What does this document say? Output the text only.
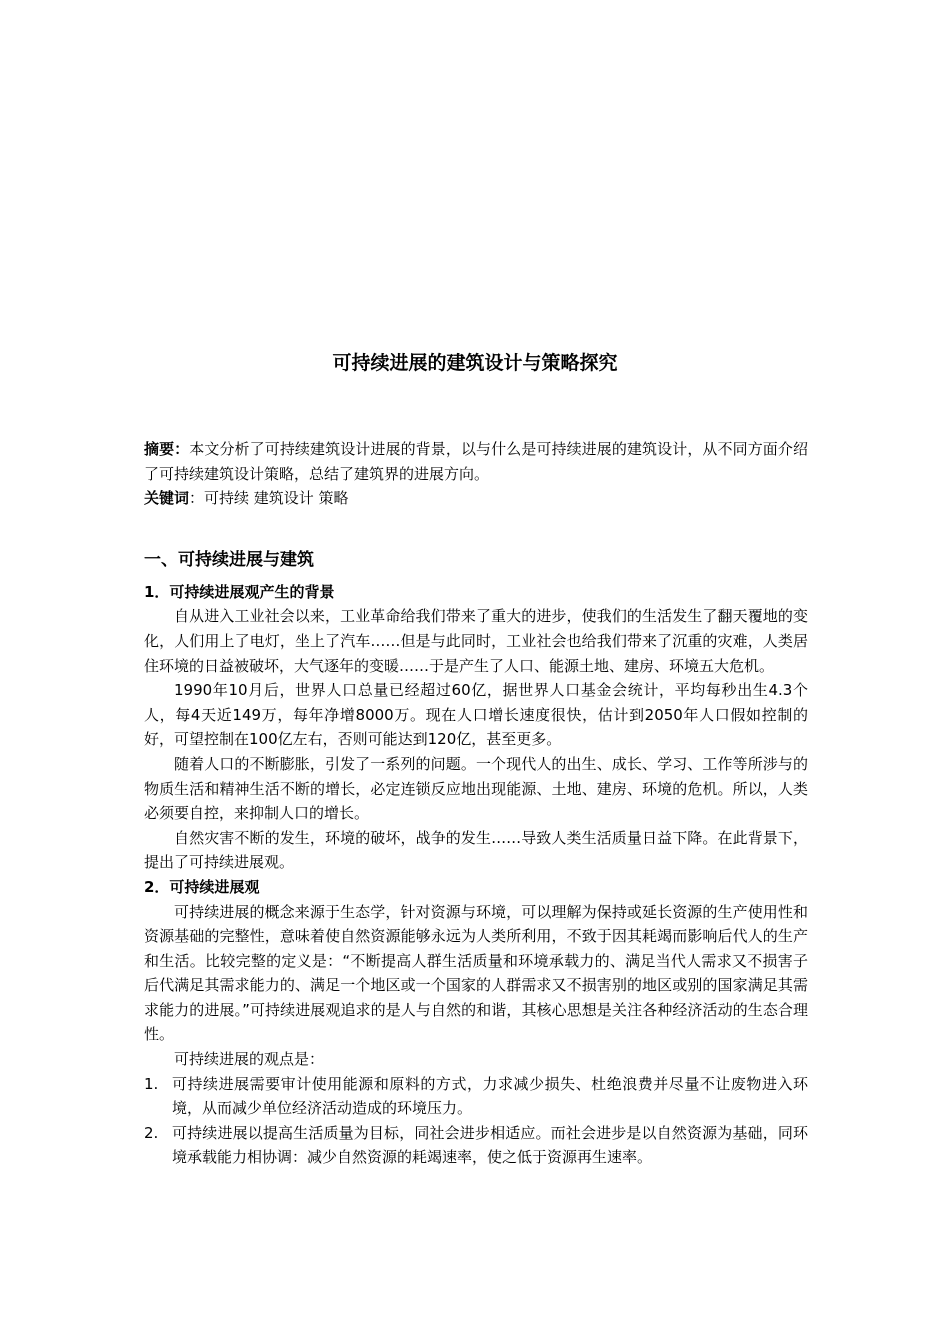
可持续进展的建筑设计与策略探究

摘要：本文分析了可持续建筑设计进展的背景，以与什么是可持续进展的建筑设计，从不同方面介绍了可持续建筑设计策略，总结了建筑界的进展方向。

关键词：可持续 建筑设计 策略

一、可持续进展与建筑

1．可持续进展观产生的背景

自从进入工业社会以来，工业革命给我们带来了重大的进步，使我们的生活发生了翻天覆地的变化，人们用上了电灯，坐上了汽车……但是与此同时，工业社会也给我们带来了沉重的灾难，人类居住环境的日益被破坏，大气逐年的变暖……于是产生了人口、能源土地、建房、环境五大危机。

1990年10月后，世界人口总量已经超过60亿，据世界人口基金会统计，平均每秒出生4.3个人，每4天近149万，每年净增8000万。现在人口增长速度很快，估计到2050年人口假如控制的好，可望控制在100亿左右，否则可能达到120亿，甚至更多。

随着人口的不断膨胀，引发了一系列的问题。一个现代人的出生、成长、学习、工作等所涉与的物质生活和精神生活不断的增长，必定连锁反应地出现能源、土地、建房、环境的危机。所以，人类必须要自控，来抑制人口的增长。

自然灾害不断的发生，环境的破坏，战争的发生……导致人类生活质量日益下降。在此背景下，提出了可持续进展观。

2．可持续进展观

可持续进展的概念来源于生态学，针对资源与环境，可以理解为保持或延长资源的生产使用性和资源基础的完整性，意味着使自然资源能够永远为人类所利用，不致于因其耗竭而影响后代人的生产和生活。比较完整的定义是：“不断提高人群生活质量和环境承载力的、满足当代人需求又不损害子后代满足其需求能力的、满足一个地区或一个国家的人群需求又不损害别的地区或别的国家满足其需求能力的进展。”可持续进展观追求的是人与自然的和谐，其核心思想是关注各种经济活动的生态合理性。

可持续进展的观点是：

1. 可持续进展需要审计使用能源和原料的方式，力求减少损失、杜绝浪费并尽量不让废物进入环境，从而减少单位经济活动造成的环境压力。
2. 可持续进展以提高生活质量为目标，同社会进步相适应。而社会进步是以自然资源为基础，同环境承载能力相协调：减少自然资源的耗竭速率，使之低于资源再生速率。
